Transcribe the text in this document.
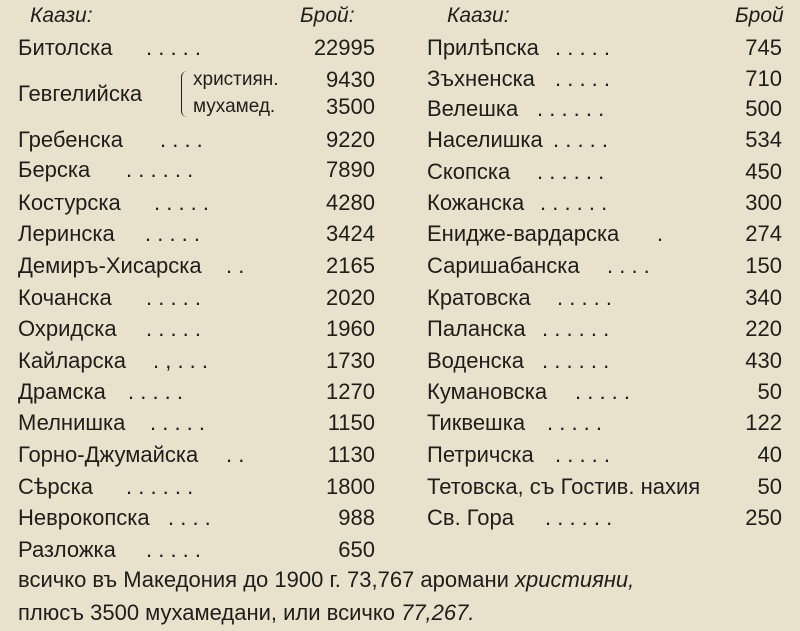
Каази:	Брой:	Каази:	Брой
Битолска . . . . .	22995
Гребенска . . . .	9220
Берска . . . . . .	7890
Костурска . . . . .	4280
Леринска . . . . .	3424
Демиръ-Хисарска . .	2165
Кочанска . . . . .	2020
Охридска . . . . .	1960
Кайларска . , . . .	1730
Драмска . . . . .	1270
Мелнишка . . . . .	1150
Горно-Джумайска . .	1130
Сѣрска . . . . . .	1800
Неврокопска . . . .	988
Разложка . . . . .	650
Прилѣпска . . . . .	745
Зъхненска . . . . .	710
Велешка . . . . . .	500
Населишка . . . . .	534
Скопска . . . . . .	450
Кожанска . . . . . .	300
Енидже-вардарска .	274
Саришабанска . . . .	150
Кратовска . . . . .	340
Паланска . . . . . .	220
Воденска . . . . . .	430
Кумановска . . . . .	50
Тиквешка . . . . .	122
Петричска . . . . .	40
Тетовска, съ Гостив. нахия	50
Св. Гора . . . . . .	250
Гевгелийска
християн. 9430
мухамед. 3500
всичко въ Македония до 1900 г. 73,767 аромани християни,
плюсъ 3500 мухамедани, или всичко 77,267.
